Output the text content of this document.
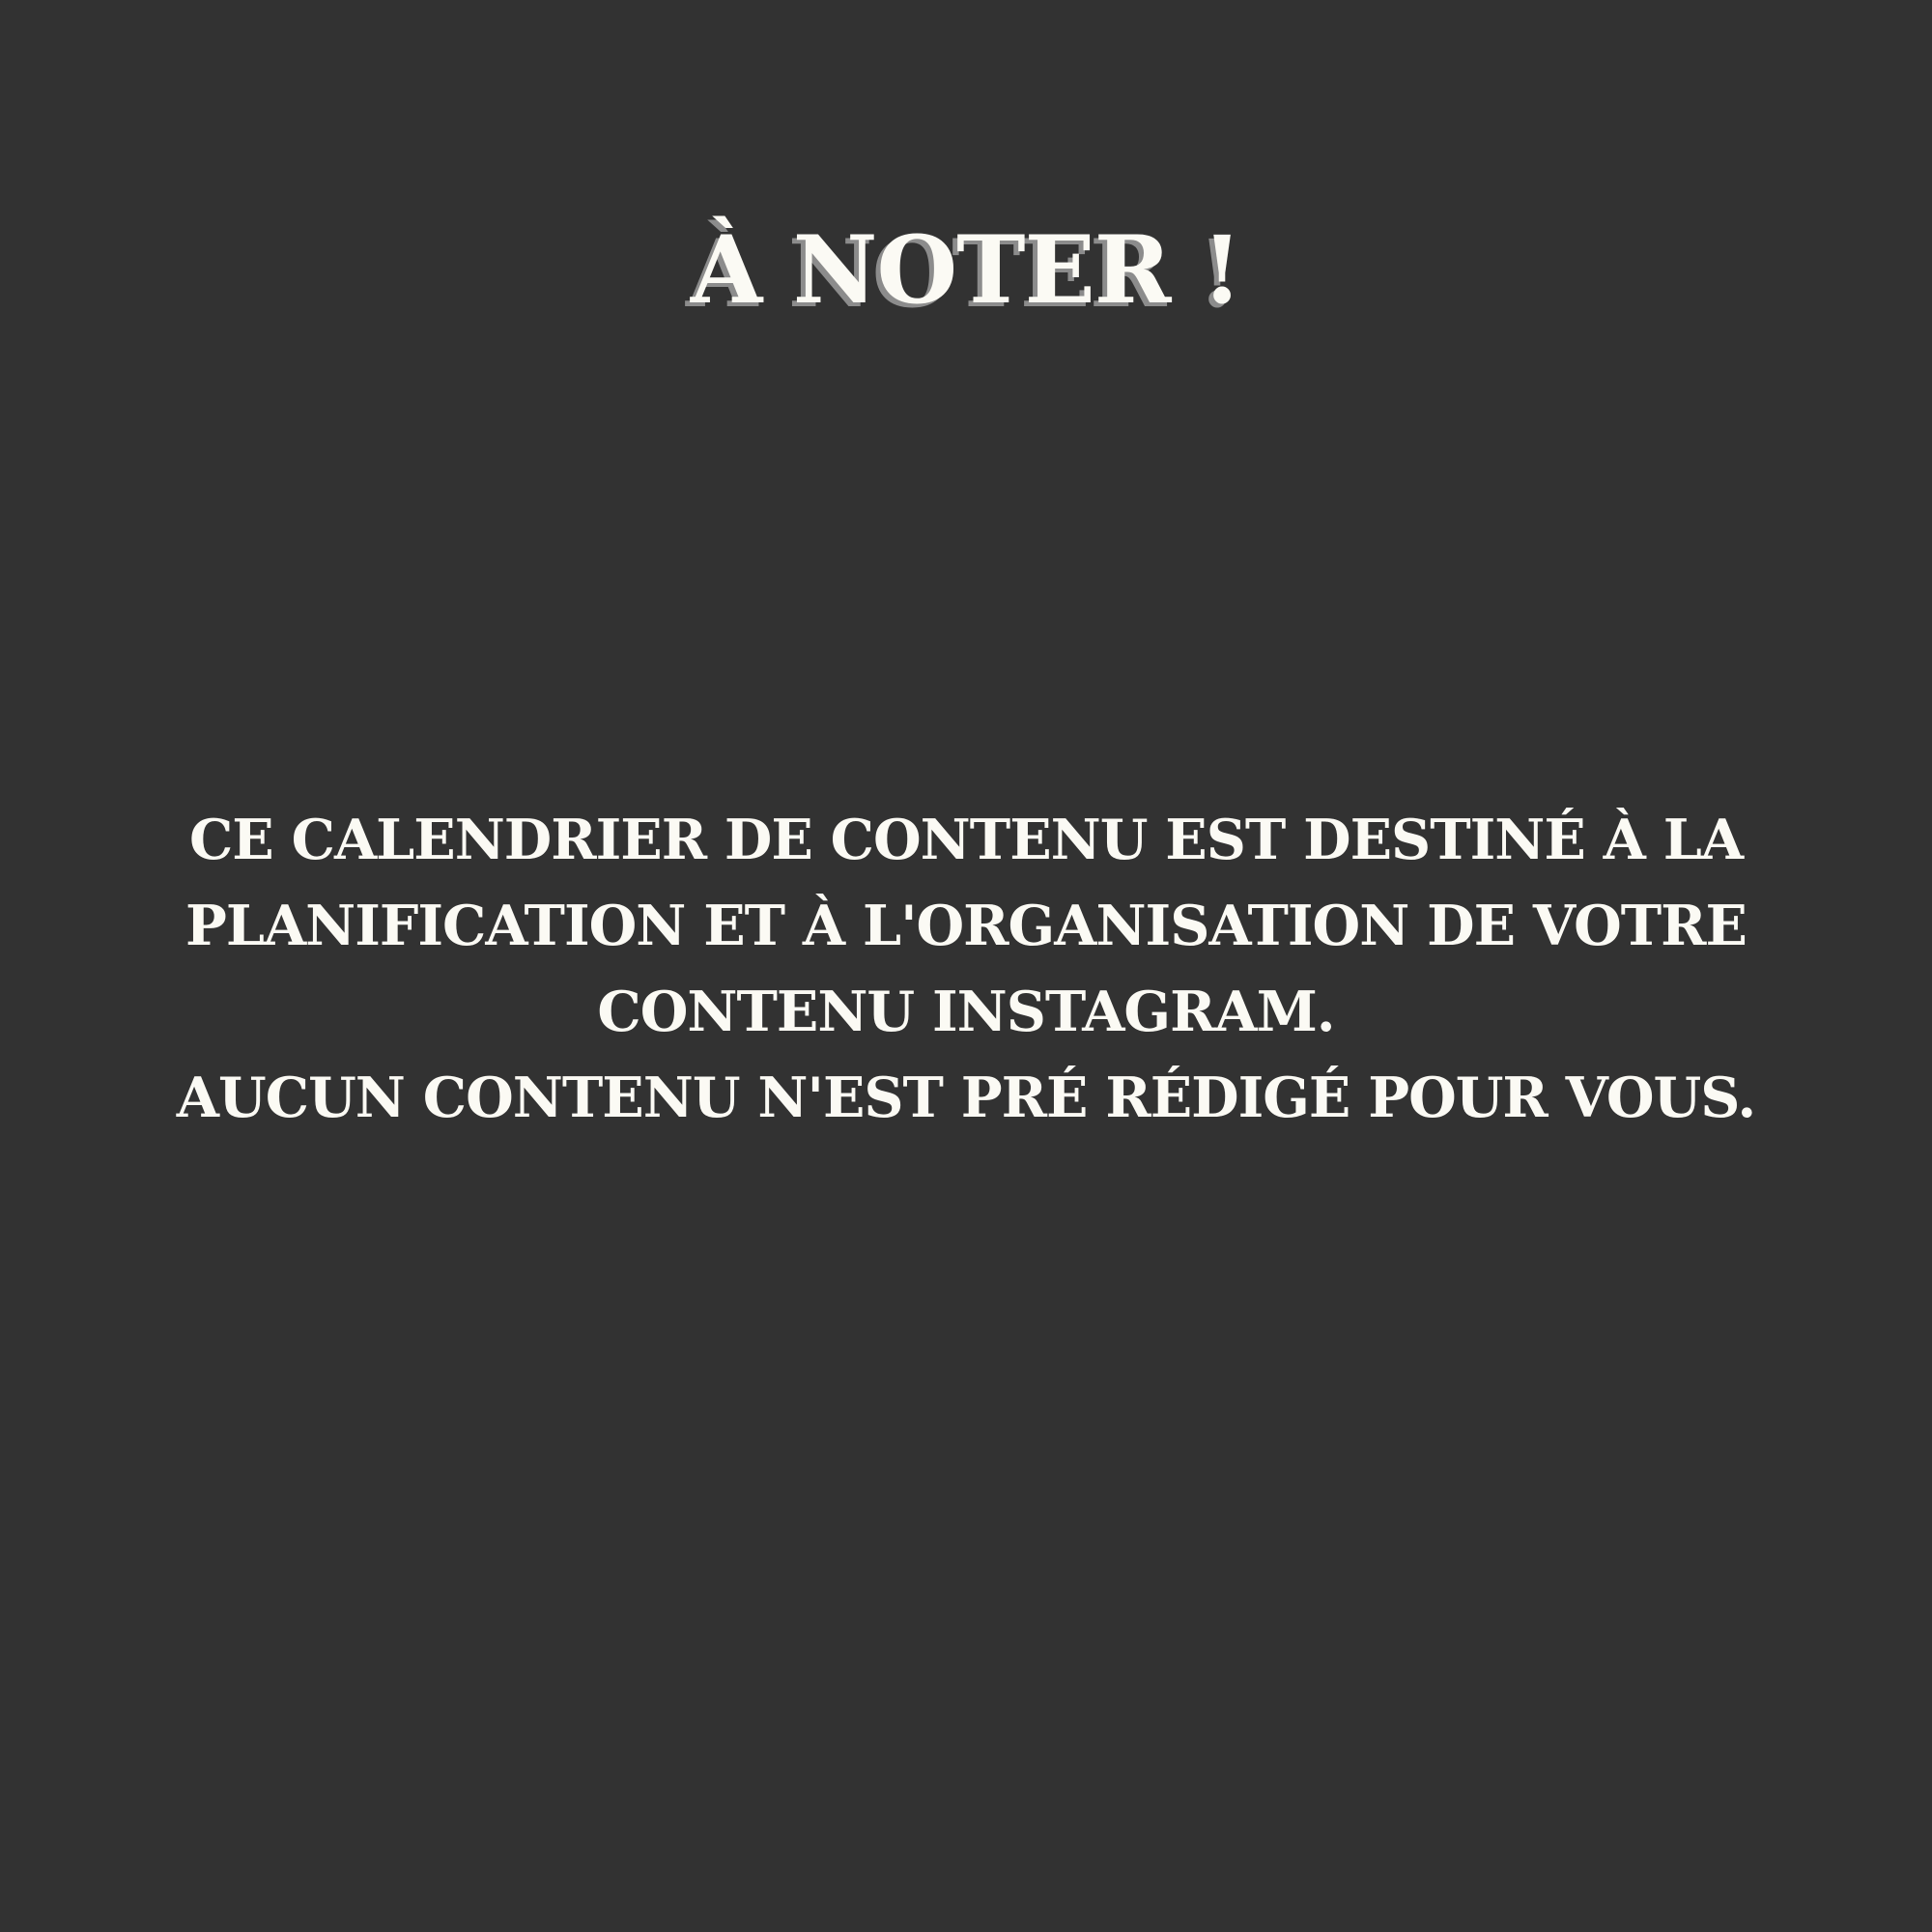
À NOTER !
CE CALENDRIER DE CONTENU EST DESTINÉ À LA
PLANIFICATION ET À L'ORGANISATION DE VOTRE
CONTENU INSTAGRAM.
AUCUN CONTENU N'EST PRÉ RÉDIGÉ POUR VOUS.
